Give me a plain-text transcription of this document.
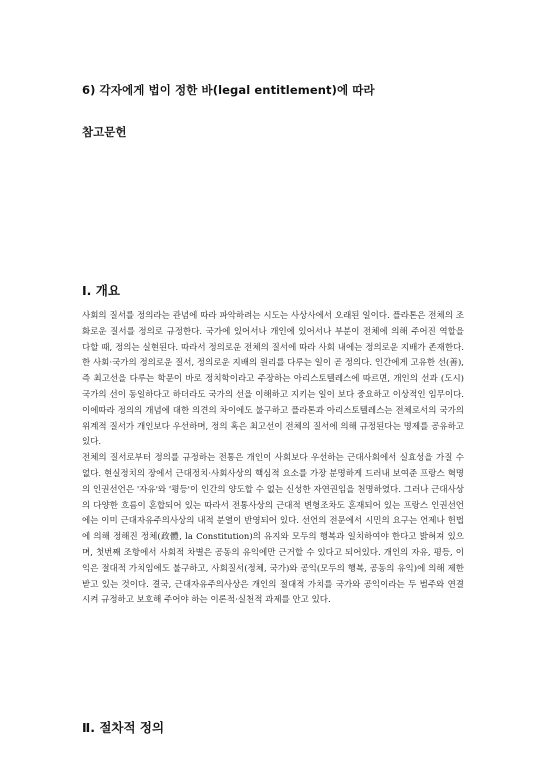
6) 각자에게 법이 정한 바(legal entitlement)에 따라
참고문헌
Ⅰ. 개요

사회의 질서를 정의라는 관념에 따라 파악하려는 시도는 사상사에서 오래된 일이다. 플라톤은 전체의 조화로운 질서를 정의로 규정한다. 국가에 있어서나 개인에 있어서나 부분이 전체에 의해 주어진 역할을 다할 때, 정의는 실현된다. 따라서 정의로운 전체의 질서에 따라 사회 내에는 정의로운 지배가 존재한다. 한 사회·국가의 정의로운 질서, 정의로운 지배의 원리를 다루는 일이 곧 정의다. 인간에게 고유한 선(善), 즉 최고선을 다루는 학문이 바로 정치학이라고 주장하는 아리스토텔레스에 따르면, 개인의 선과 (도시)국가의 선이 동일하다고 하더라도 국가의 선을 이해하고 지키는 일이 보다 중요하고 이상적인 임무이다. 이에따라 정의의 개념에 대한 의견의 차이에도 불구하고 플라톤과 아리스토텔레스는 전체로서의 국가의 위계적 질서가 개인보다 우선하며, 정의 혹은 최고선이 전체의 질서에 의해 규정된다는 명제를 공유하고 있다.

전체의 질서로부터 정의를 규정하는 전통은 개인이 사회보다 우선하는 근대사회에서 실효성을 가질 수 없다. 현실정치의 장에서 근대정치·사회사상의 핵심적 요소를 가장 분명하게 드러내 보여준 프랑스 혁명의 인권선언은 '자유'와 '평등'이 인간의 양도할 수 없는 신성한 자연권임을 천명하였다. 그러나 근대사상의 다양한 흐름이 혼합되어 있는 따라서 전통사상의 근대적 변형조차도 혼재되어 있는 프랑스 인권선언에는 이미 근대자유주의사상의 내적 분열이 반영되어 있다. 선언의 전문에서 시민의 요구는 언제나 헌법에 의해 정해진 정체(政體, la Constitution)의 유지와 모두의 행복과 일치하여야 한다고 밝혀져 있으며, 첫번째 조항에서 사회적 차별은 공동의 유익에만 근거할 수 있다고 되어있다. 개인의 자유, 평등, 이익은 절대적 가치임에도 불구하고, 사회질서(정체, 국가)와 공익(모두의 행복, 공동의 유익)에 의해 제한 받고 있는 것이다. 결국, 근대자유주의사상은 개인의 절대적 가치를 국가와 공익이라는 두 범주와 연결시켜 규정하고 보호해 주어야 하는 이론적·실천적 과제를 안고 있다.

Ⅱ. 절차적 정의
